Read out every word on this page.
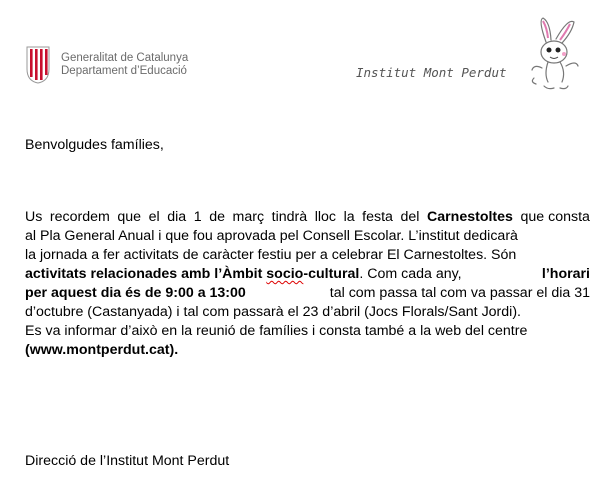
Generalitat de Catalunya
Departament d’Educació	Institut Mont Perdut
Benvolgudes famílies,
Us recordem que el dia 1 de març tindrà lloc la festa del Carnestoltes que consta
al Pla General Anual i que fou aprovada pel Consell Escolar. L’institut dedicarà
la jornada a fer activitats de caràcter festiu per a celebrar El Carnestoltes. Són
activitats relacionades amb l’Àmbit socio-cultural. Com cada any,	l’horari
per aquest dia és de 9:00 a 13:00	tal com passa tal com va passar el dia 31
d’octubre (Castanyada) i tal com passarà el 23 d’abril (Jocs Florals/Sant Jordi).
Es va informar d’això en la reunió de famílies i consta també a la web del centre
(www.montperdut.cat).
Direcció de l’Institut Mont Perdut
